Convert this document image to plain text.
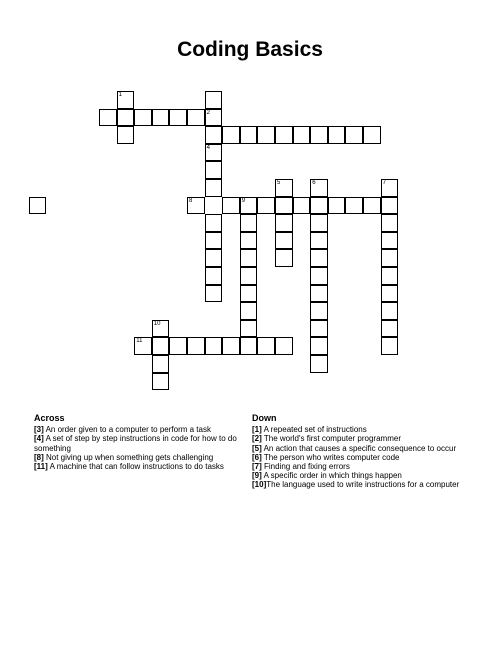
Coding Basics
2
1
4
8	9
5	6	7
10
11
Across
[3] An order given to a computer to perform a task
[4] A set of step by step instructions in code for how to do something
[8] Not giving up when something gets challenging
[11] A machine that can follow instructions to do tasks
Down
[1] A repeated set of instructions
[2] The world's first computer programmer
[5] An action that causes a specific consequence to occur
[6] The person who writes computer code
[7] Finding and fixing errors
[9] A specific order in which things happen
[10]The language used to write instructions for a computer
